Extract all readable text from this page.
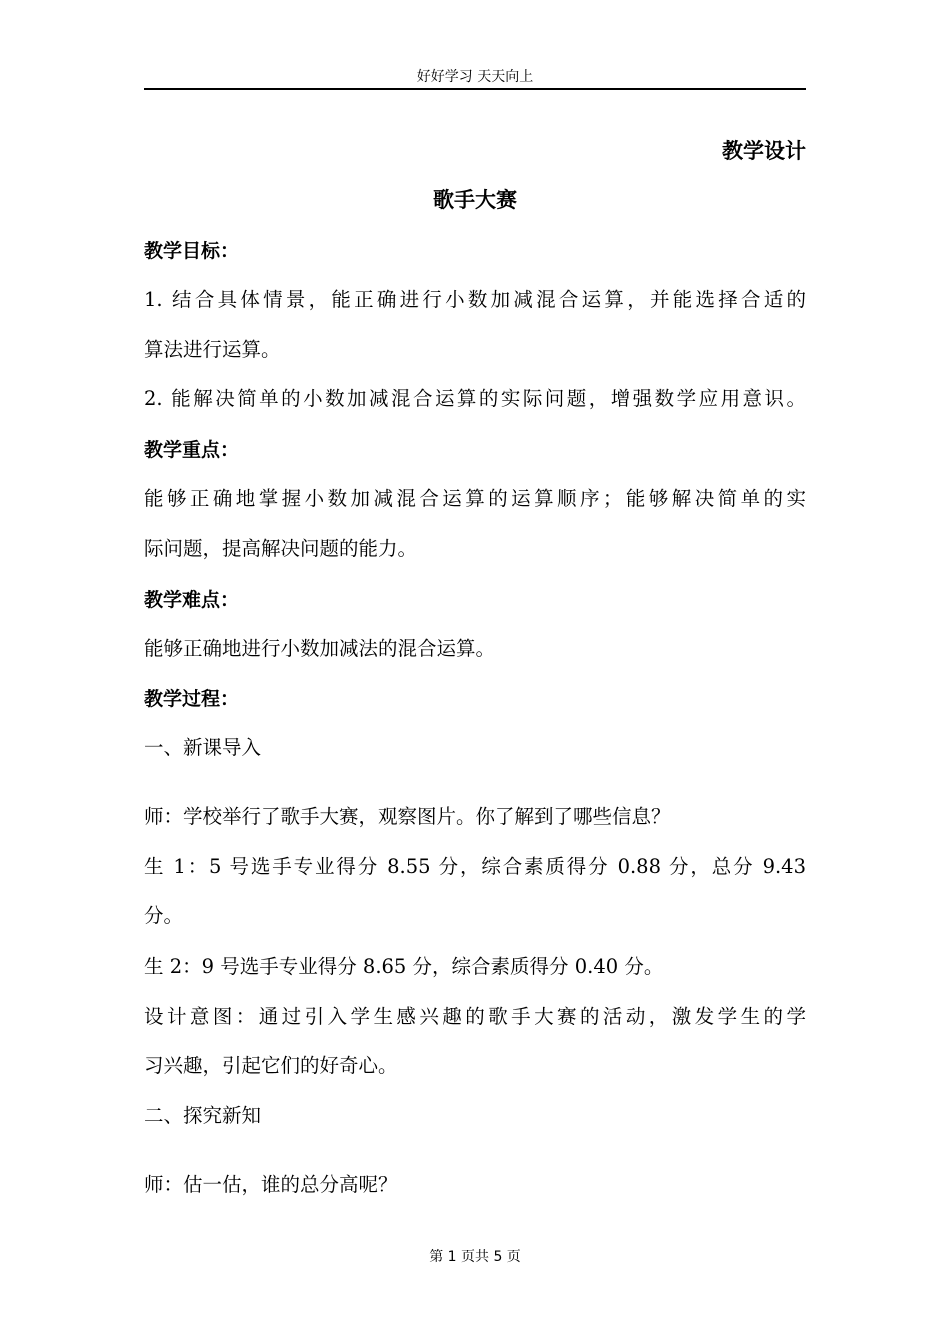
好好学习 天天向上
教学设计
歌手大赛
教学目标：
1. 结合具体情景，能正确进行小数加减混合运算，并能选择合适的
算法进行运算。
2. 能解决简单的小数加减混合运算的实际问题，增强数学应用意识。
教学重点：
能够正确地掌握小数加减混合运算的运算顺序；能够解决简单的实
际问题，提高解决问题的能力。
教学难点：
能够正确地进行小数加减法的混合运算。
教学过程：
一、新课导入
师：学校举行了歌手大赛，观察图片。你了解到了哪些信息？
生 1：5 号选手专业得分 8.55 分，综合素质得分 0.88 分，总分 9.43
分。
生 2：9 号选手专业得分 8.65 分，综合素质得分 0.40 分。
设计意图：通过引入学生感兴趣的歌手大赛的活动，激发学生的学
习兴趣，引起它们的好奇心。
二、探究新知
师：估一估，谁的总分高呢？
第 1 页共 5 页
